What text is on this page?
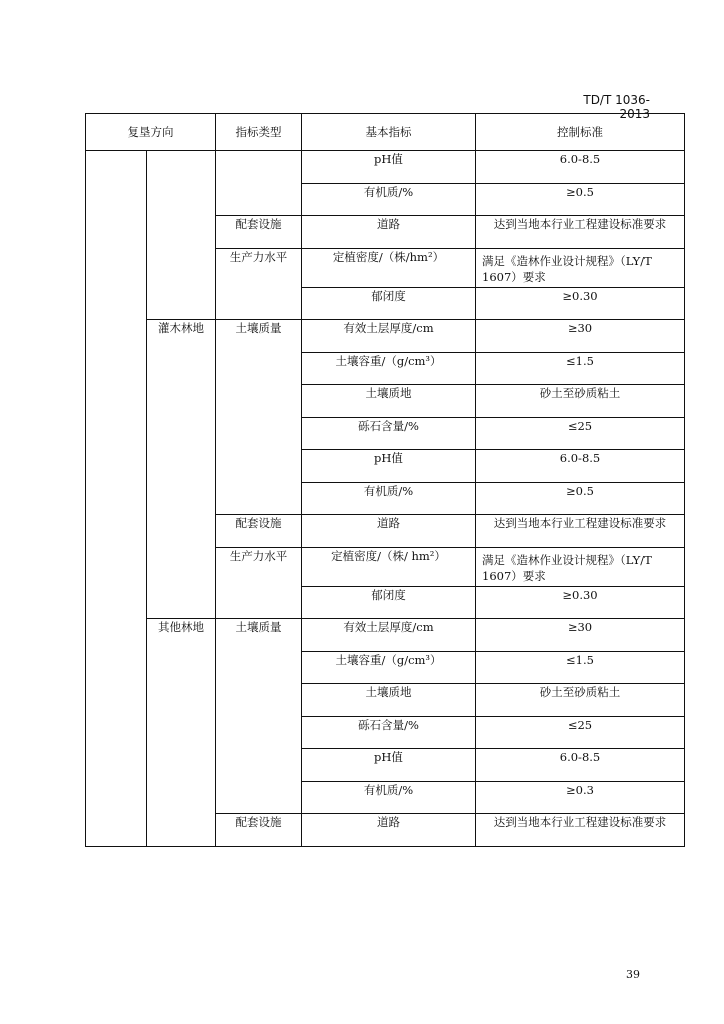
TD/T 1036-2013
复垦方向		指标类型	基本指标	控制标准
			pH值	6.0-8.5
			有机质/%	≥0.5
		配套设施	道路	达到当地本行业工程建设标准要求
		生产力水平	定植密度/（株/hm²）	满足《造林作业设计规程》（LY/T 1607）要求
			郁闭度	≥0.30
	灌木林地	土壤质量	有效土层厚度/cm	≥30
			土壤容重/（g/cm³）	≤1.5
			土壤质地	砂土至砂质粘土
			砾石含量/%	≤25
			pH值	6.0-8.5
			有机质/%	≥0.5
		配套设施	道路	达到当地本行业工程建设标准要求
		生产力水平	定植密度/（株/ hm²）	满足《造林作业设计规程》（LY/T 1607）要求
			郁闭度	≥0.30
	其他林地	土壤质量	有效土层厚度/cm	≥30
			土壤容重/（g/cm³）	≤1.5
			土壤质地	砂土至砂质粘土
			砾石含量/%	≤25
			pH值	6.0-8.5
			有机质/%	≥0.3
		配套设施	道路	达到当地本行业工程建设标准要求
39
